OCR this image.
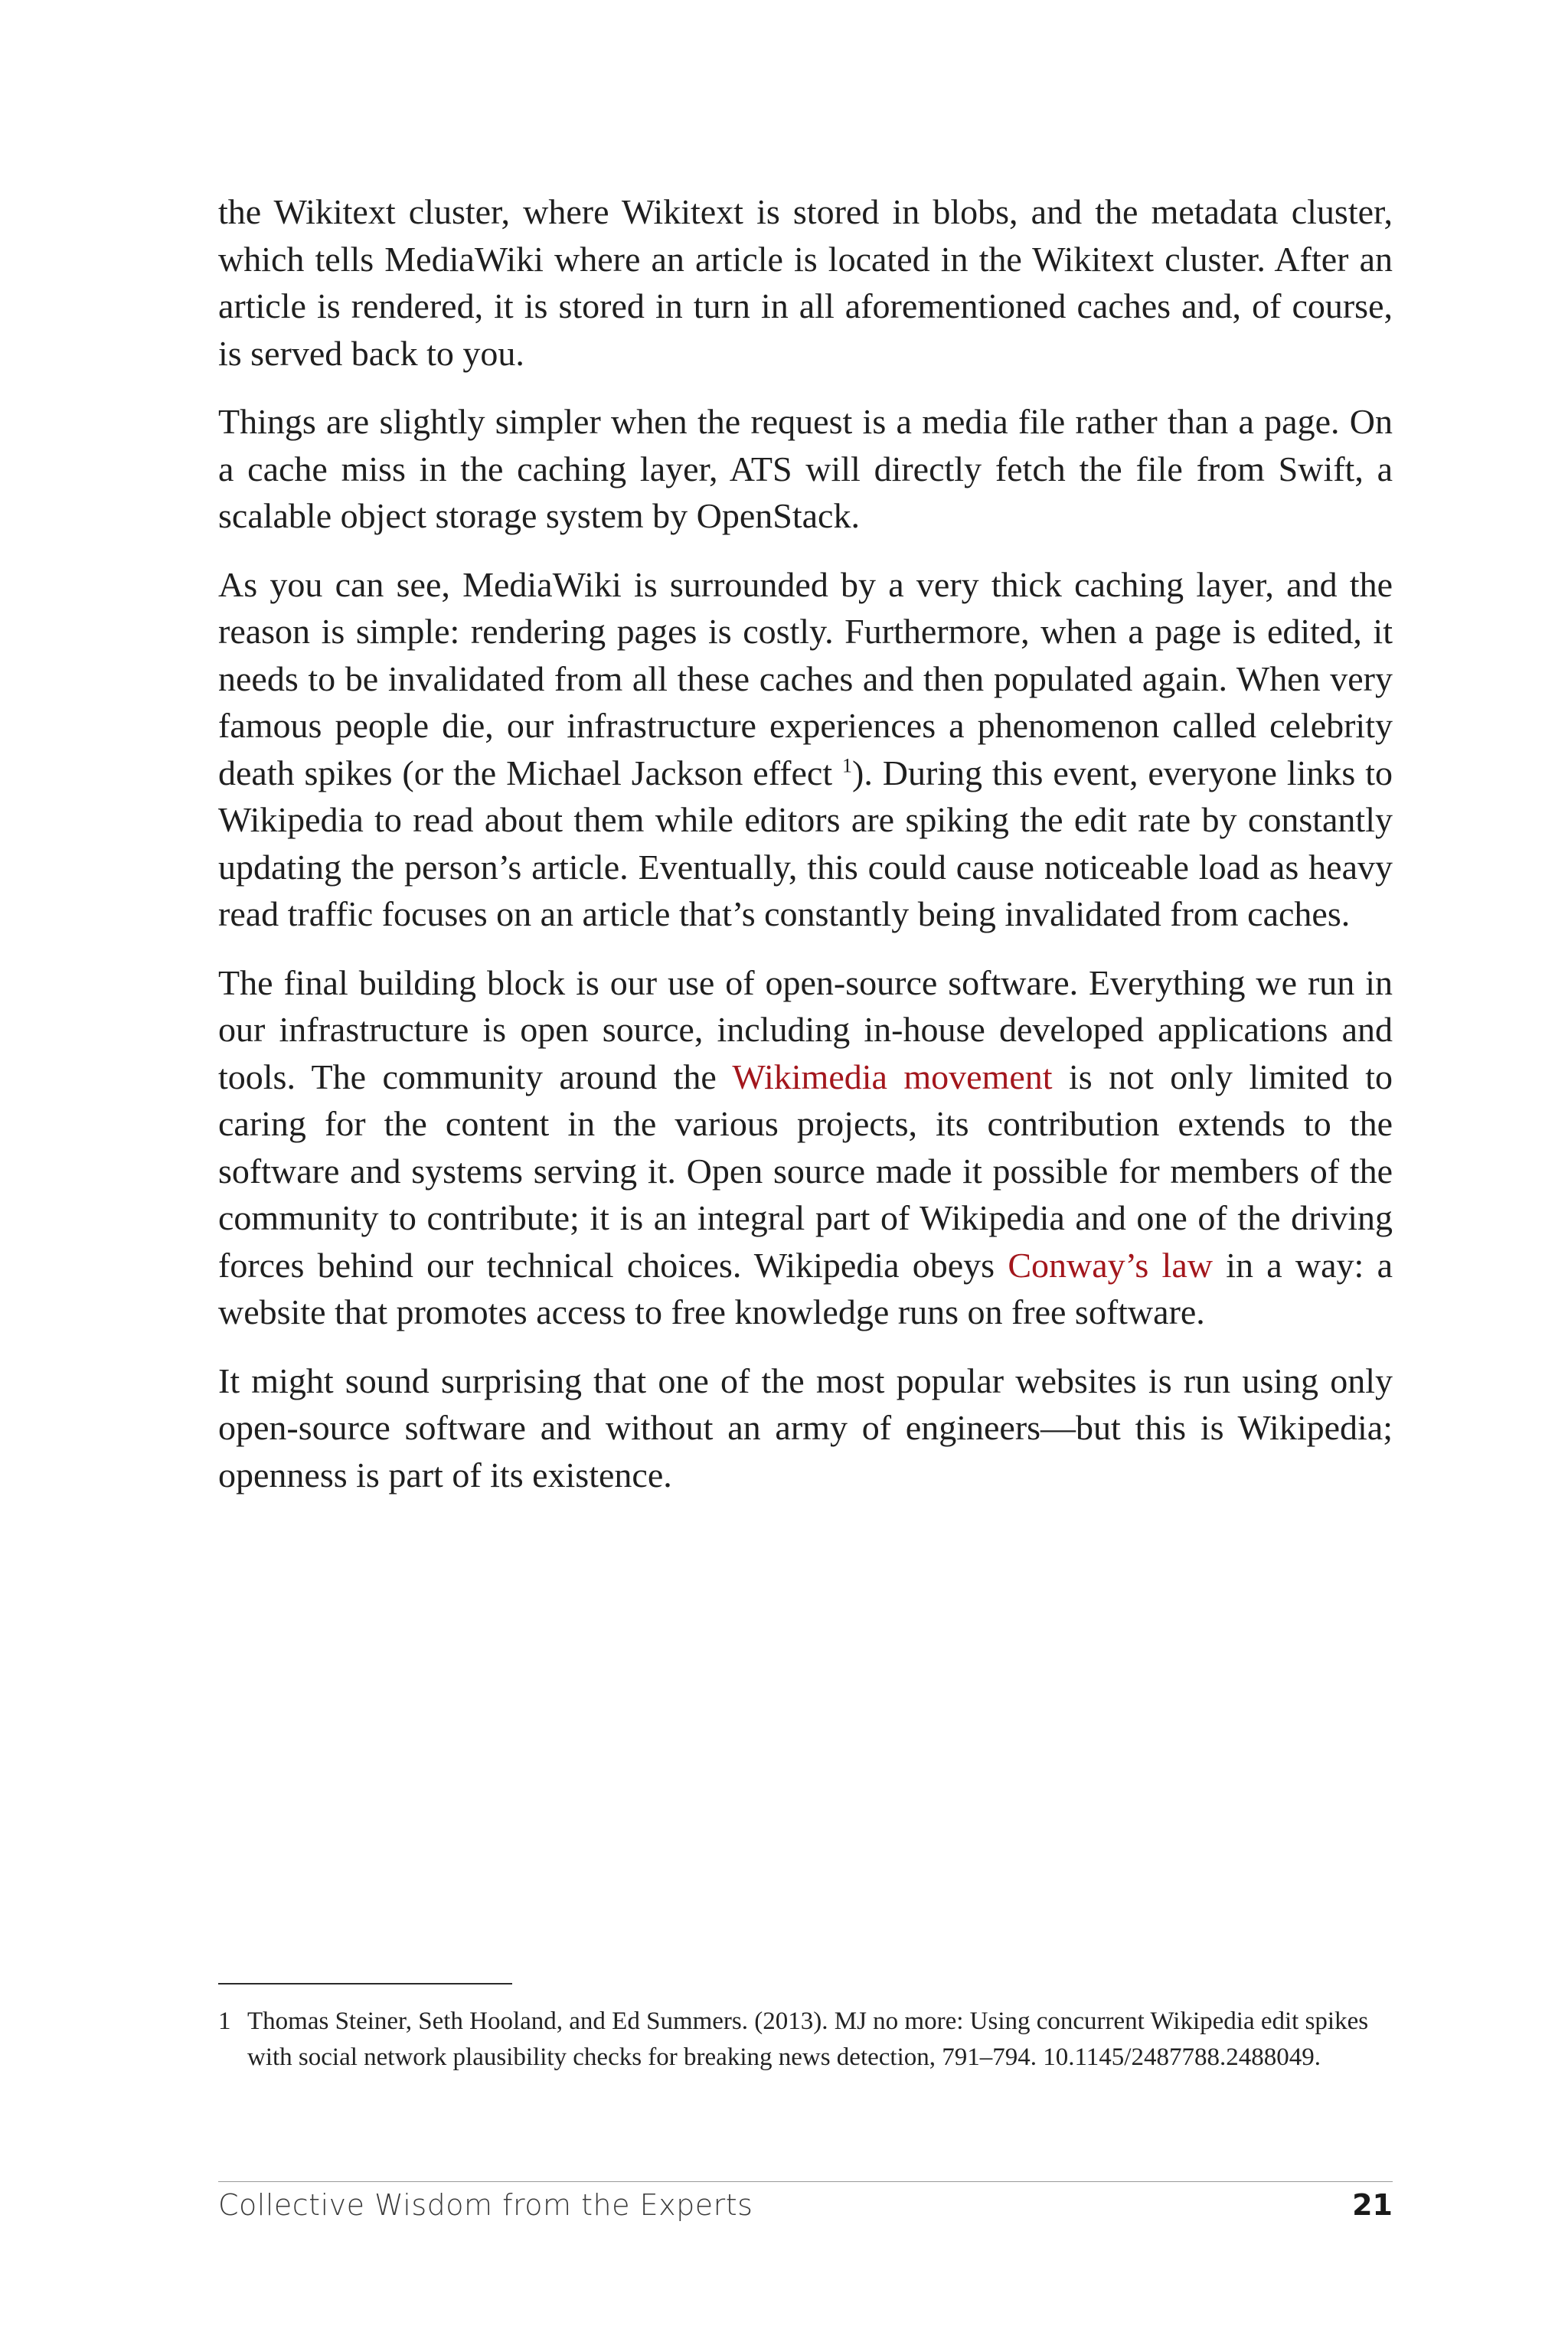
the Wikitext cluster, where Wikitext is stored in blobs, and the metadata cluster, which tells MediaWiki where an article is located in the Wikitext cluster. After an article is rendered, it is stored in turn in all aforementioned caches and, of course, is served back to you.

Things are slightly simpler when the request is a media file rather than a page. On a cache miss in the caching layer, ATS will directly fetch the file from Swift, a scalable object storage system by OpenStack.

As you can see, MediaWiki is surrounded by a very thick caching layer, and the reason is simple: rendering pages is costly. Furthermore, when a page is edited, it needs to be invalidated from all these caches and then populated again. When very famous people die, our infrastructure experiences a phenomenon called celebrity death spikes (or the Michael Jackson effect $^1$). During this event, everyone links to Wikipedia to read about them while editors are spiking the edit rate by constantly updating the person’s article. Eventually, this could cause noticeable load as heavy read traffic focuses on an article that’s constantly being invalidated from caches.

The final building block is our use of open-source software. Everything we run in our infrastructure is open source, including in-house developed applications and tools. The community around the Wikimedia movement is not only limited to caring for the content in the various projects, its contribution extends to the software and systems serving it. Open source made it possible for members of the community to contribute; it is an integral part of Wikipedia and one of the driving forces behind our technical choices. Wikipedia obeys Conway’s law in a way: a website that promotes access to free knowledge runs on free software.

It might sound surprising that one of the most popular websites is run using only open-source software and without an army of engineers—but this is Wikipedia; openness is part of its existence.

1 Thomas Steiner, Seth Hooland, and Ed Summers. (2013). MJ no more: Using concurrent Wikipedia edit spikes with social network plausibility checks for breaking news detection, 791–794. 10.1145/2487788.2488049.
Collective Wisdom from the Experts	21
